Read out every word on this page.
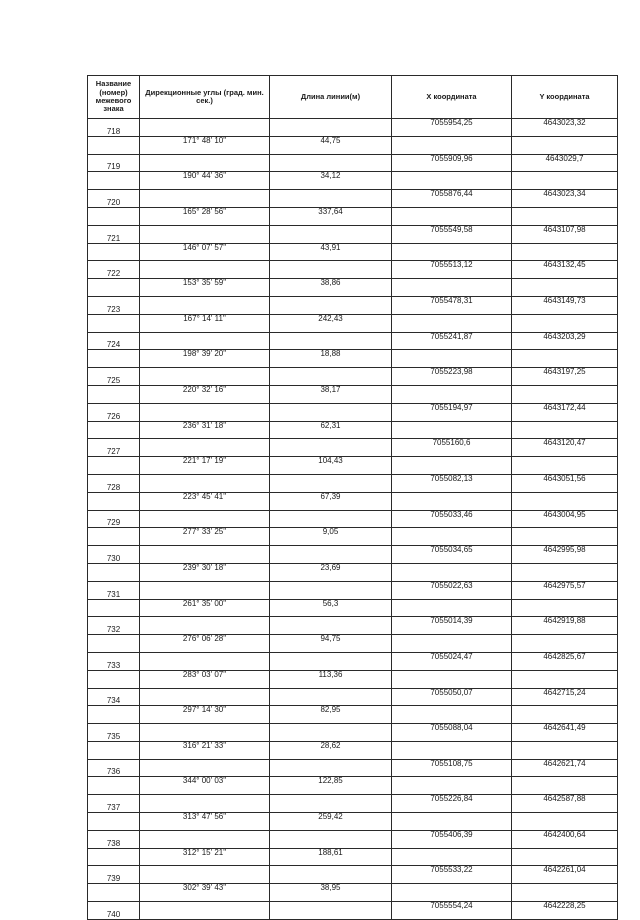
Название (номер) межевого знака	Дирекционные углы (град. мин. сек.)	Длина линии(м)	X координата	Y координата
718			7055954,25	4643023,32
	171° 48' 10"	44,75		
719			7055909,96	4643029,7
	190° 44' 36"	34,12		
720			7055876,44	4643023,34
	165° 28' 56"	337,64		
721			7055549,58	4643107,98
	146° 07' 57"	43,91		
722			7055513,12	4643132,45
	153° 35' 59"	38,86		
723			7055478,31	4643149,73
	167° 14' 11"	242,43		
724			7055241,87	4643203,29
	198° 39' 20"	18,88		
725			7055223,98	4643197,25
	220° 32' 16"	38,17		
726			7055194,97	4643172,44
	236° 31' 18"	62,31		
727			7055160,6	4643120,47
	221° 17' 19"	104,43		
728			7055082,13	4643051,56
	223° 45' 41"	67,39		
729			7055033,46	4643004,95
	277° 33' 25"	9,05		
730			7055034,65	4642995,98
	239° 30' 18"	23,69		
731			7055022,63	4642975,57
	261° 35' 00"	56,3		
732			7055014,39	4642919,88
	276° 06' 28"	94,75		
733			7055024,47	4642825,67
	283° 03' 07"	113,36		
734			7055050,07	4642715,24
	297° 14' 30"	82,95		
735			7055088,04	4642641,49
	316° 21' 33"	28,62		
736			7055108,75	4642621,74
	344° 00' 03"	122,85		
737			7055226,84	4642587,88
	313° 47' 56"	259,42		
738			7055406,39	4642400,64
	312° 15' 21"	188,61		
739			7055533,22	4642261,04
	302° 39' 43"	38,95		
740			7055554,24	4642228,25
